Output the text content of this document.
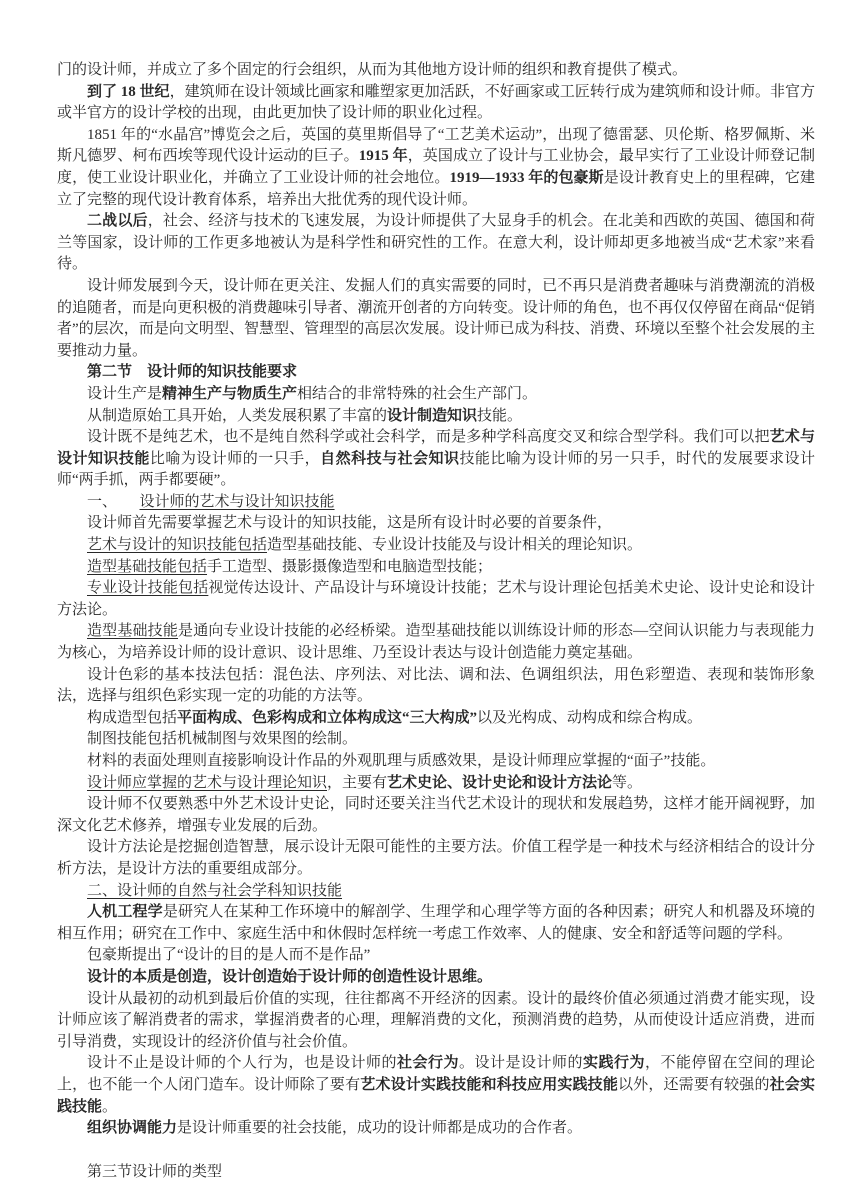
门的设计师，并成立了多个固定的行会组织，从而为其他地方设计师的组织和教育提供了模式。

到了 18 世纪，建筑师在设计领域比画家和雕塑家更加活跃，不好画家或工匠转行成为建筑师和设计师。非官方或半官方的设计学校的出现，由此更加快了设计师的职业化过程。

1851 年的“水晶宫”博览会之后，英国的莫里斯倡导了“工艺美术运动”，出现了德雷瑟、贝伦斯、格罗佩斯、米斯凡德罗、柯布西埃等现代设计运动的巨子。1915 年，英国成立了设计与工业协会，最早实行了工业设计师登记制度，使工业设计职业化，并确立了工业设计师的社会地位。1919—1933 年的包豪斯是设计教育史上的里程碑，它建立了完整的现代设计教育体系，培养出大批优秀的现代设计师。

二战以后，社会、经济与技术的飞速发展，为设计师提供了大显身手的机会。在北美和西欧的英国、德国和荷兰等国家，设计师的工作更多地被认为是科学性和研究性的工作。在意大利，设计师却更多地被当成“艺术家”来看待。

设计师发展到今天，设计师在更关注、发掘人们的真实需要的同时，已不再只是消费者趣味与消费潮流的消极的追随者，而是向更积极的消费趣味引导者、潮流开创者的方向转变。设计师的角色，也不再仅仅停留在商品“促销者”的层次，而是向文明型、智慧型、管理型的高层次发展。设计师已成为科技、消费、环境以至整个社会发展的主要推动力量。

第二节　设计师的知识技能要求

设计生产是精神生产与物质生产相结合的非常特殊的社会生产部门。

从制造原始工具开始，人类发展积累了丰富的设计制造知识技能。

设计既不是纯艺术，也不是纯自然科学或社会科学，而是多种学科高度交叉和综合型学科。我们可以把艺术与设计知识技能比喻为设计师的一只手，自然科技与社会知识技能比喻为设计师的另一只手，时代的发展要求设计师“两手抓，两手都要硬”。

一、　　设计师的艺术与设计知识技能

设计师首先需要掌握艺术与设计的知识技能，这是所有设计时必要的首要条件，

艺术与设计的知识技能包括造型基础技能、专业设计技能及与设计相关的理论知识。

造型基础技能包括手工造型、摄影摄像造型和电脑造型技能；

专业设计技能包括视觉传达设计、产品设计与环境设计技能；艺术与设计理论包括美术史论、设计史论和设计方法论。

造型基础技能是通向专业设计技能的必经桥梁。造型基础技能以训练设计师的形态—空间认识能力与表现能力为核心，为培养设计师的设计意识、设计思维、乃至设计表达与设计创造能力奠定基础。

设计色彩的基本技法包括：混色法、序列法、对比法、调和法、色调组织法，用色彩塑造、表现和装饰形象法，选择与组织色彩实现一定的功能的方法等。

构成造型包括平面构成、色彩构成和立体构成这“三大构成”以及光构成、动构成和综合构成。

制图技能包括机械制图与效果图的绘制。

材料的表面处理则直接影响设计作品的外观肌理与质感效果，是设计师理应掌握的“面子”技能。

设计师应掌握的艺术与设计理论知识，主要有艺术史论、设计史论和设计方法论等。

设计师不仅要熟悉中外艺术设计史论，同时还要关注当代艺术设计的现状和发展趋势，这样才能开阔视野，加深文化艺术修养，增强专业发展的后劲。

设计方法论是挖掘创造智慧，展示设计无限可能性的主要方法。价值工程学是一种技术与经济相结合的设计分析方法，是设计方法的重要组成部分。

二、设计师的自然与社会学科知识技能

人机工程学是研究人在某种工作环境中的解剖学、生理学和心理学等方面的各种因素；研究人和机器及环境的相互作用；研究在工作中、家庭生活中和休假时怎样统一考虑工作效率、人的健康、安全和舒适等问题的学科。

包豪斯提出了“设计的目的是人而不是作品”

设计的本质是创造，设计创造始于设计师的创造性设计思维。

设计从最初的动机到最后价值的实现，往往都离不开经济的因素。设计的最终价值必须通过消费才能实现，设计师应该了解消费者的需求，掌握消费者的心理，理解消费的文化，预测消费的趋势，从而使设计适应消费，进而引导消费，实现设计的经济价值与社会价值。

设计不止是设计师的个人行为，也是设计师的社会行为。设计是设计师的实践行为，不能停留在空间的理论上，也不能一个人闭门造车。设计师除了要有艺术设计实践技能和科技应用实践技能以外，还需要有较强的社会实践技能。

组织协调能力是设计师重要的社会技能，成功的设计师都是成功的合作者。

第三节设计师的类型
